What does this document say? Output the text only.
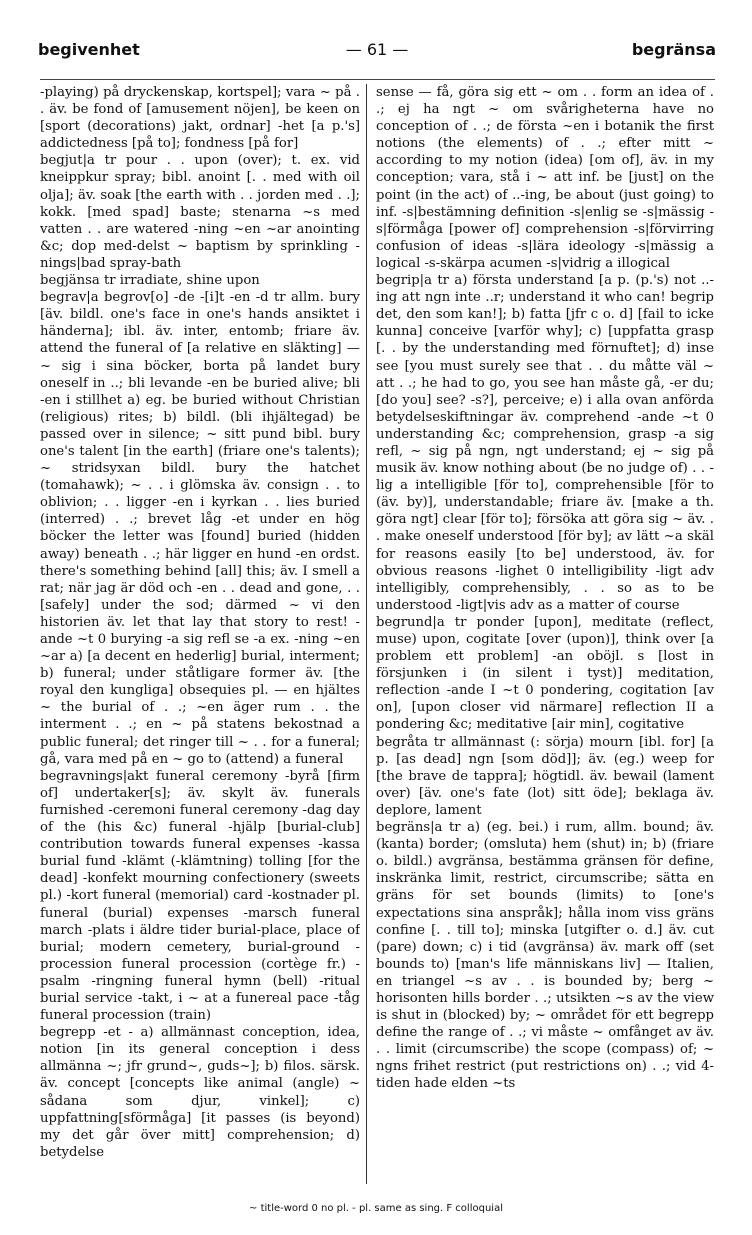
— 61 —
begivenhet	begränsa

-playing) på dryckenskap, kortspel]; vara ~ på . . äv. be fond of [amusement nöjen], be keen on [sport (decorations) jakt, ordnar] -het [a p.'s] addictedness [på to]; fondness [på for]

begjut|a tr pour . . upon (over); t. ex. vid kneippkur spray; bibl. anoint [. . med with oil olja]; äv. soak [the earth with . . jorden med . .]; kokk. [med spad] baste; stenarna ~s med vatten . . are watered -ning ~en ~ar anointing &c; dop med-delst ~ baptism by sprinkling -nings|bad spray-bath

begjänsa tr irradiate, shine upon

begrav|a begrov[o] -de -[i]t -en -d tr allm. bury [äv. bildl. one's face in one's hands ansiktet i händerna]; ibl. äv. inter, entomb; friare äv. attend the funeral of [a relative en släkting] — ~ sig i sina böcker, borta på landet bury oneself in ..; bli levande -en be buried alive; bli -en i stillhet a) eg. be buried without Christian (religious) rites; b) bildl. (bli ihjältegad) be passed over in silence; ~ sitt pund bibl. bury one's talent [in the earth] (friare one's talents); ~ stridsyxan bildl. bury the hatchet (tomahawk); ~ . . i glömska äv. consign . . to oblivion; . . ligger -en i kyrkan . . lies buried (interred) . .; brevet låg -et under en hög böcker the letter was [found] buried (hidden away) beneath . .; här ligger en hund -en ordst. there's something behind [all] this; äv. I smell a rat; när jag är död och -en . . dead and gone, . . [safely] under the sod; därmed ~ vi den historien äv. let that lay that story to rest! -ande ~t 0 burying -a sig refl se -a ex. -ning ~en ~ar a) [a decent en hederlig] burial, interment; b) funeral; under ståtligare former äv. [the royal den kungliga] obsequies pl. — en hjältes ~ the burial of . .; ~en äger rum . . the interment . .; en ~ på statens bekostnad a public funeral; det ringer till ~ . . for a funeral; gå, vara med på en ~ go to (attend) a funeral

begravnings|akt funeral ceremony -byrå [firm of] undertaker[s]; äv. skylt äv. funerals furnished -ceremoni funeral ceremony -dag day of the (his &c) funeral -hjälp [burial-club] contribution towards funeral expenses -kassa burial fund -klämt (-klämtning) tolling [for the dead] -konfekt mourning confectionery (sweets pl.) -kort funeral (memorial) card -kostnader pl. funeral (burial) expenses -marsch funeral march -plats i äldre tider burial-place, place of burial; modern cemetery, burial-ground -procession funeral procession (cortège fr.) -psalm -ringning funeral hymn (bell) -ritual burial service -takt, i ~ at a funereal pace -tåg funeral procession (train)

begrepp -et - a) allmännast conception, idea, notion [in its general conception i dess allmänna ~; jfr grund~, guds~]; b) filos. särsk. äv. concept [concepts like animal (angle) ~ sådana som djur, vinkel]; c) uppfattning[sförmåga] [it passes (is beyond) my det går över mitt] comprehension; d) betydelse

sense — få, göra sig ett ~ om . . form an idea of . .; ej ha ngt ~ om svårigheterna have no conception of . .; de första ~en i botanik the first notions (the elements) of . .; efter mitt ~ according to my notion (idea) [om of], äv. in my conception; vara, stå i ~ att inf. be [just] on the point (in the act) of ..-ing, be about (just going) to inf. -s|bestämning definition -s|enlig se -s|mässig -s|förmåga [power of] comprehension -s|förvirring confusion of ideas -s|lära ideology -s|mässig a logical -s-skärpa acumen -s|vidrig a illogical

begrip|a tr a) första understand [a p. (p.'s) not ..-ing att ngn inte ..r; understand it who can! begrip det, den som kan!]; b) fatta [jfr c o. d] [fail to icke kunna] conceive [varför why]; c) [uppfatta grasp [. . by the understanding med förnuftet]; d) inse see [you must surely see that . . du måtte väl ~ att . .; he had to go, you see han måste gå, -er du; [do you] see? -s?], perceive; e) i alla ovan anförda betydelseskiftningar äv. comprehend -ande ~t 0 understanding &c; comprehension, grasp -a sig refl, ~ sig på ngn, ngt understand; ej ~ sig på musik äv. know nothing about (be no judge of) . . -lig a intelligible [för to], comprehensible [för to (äv. by)], understandable; friare äv. [make a th. göra ngt] clear [för to]; försöka att göra sig ~ äv. . . make oneself understood [för by]; av lätt ~a skäl for reasons easily [to be] understood, äv. for obvious reasons -lighet 0 intelligibility -ligt adv intelligibly, comprehensibly, . . so as to be understood -ligt|vis adv as a matter of course

begrund|a tr ponder [upon], meditate (reflect, muse) upon, cogitate [over (upon)], think over [a problem ett problem] -an oböjl. s [lost in försjunken i (in silent i tyst)] meditation, reflection -ande I ~t 0 pondering, cogitation [av on], [upon closer vid närmare] reflection II a pondering &c; meditative [air min], cogitative

begråta tr allmännast (: sörja) mourn [ibl. for] [a p. [as dead] ngn [som död]]; äv. (eg.) weep for [the brave de tappra]; högtidl. äv. bewail (lament over) [äv. one's fate (lot) sitt öde]; beklaga äv. deplore, lament

begräns|a tr a) (eg. bei.) i rum, allm. bound; äv. (kanta) border; (omsluta) hem (shut) in; b) (friare o. bildl.) avgränsa, bestämma gränsen för define, inskränka limit, restrict, circumscribe; sätta en gräns för set bounds (limits) to [one's expectations sina anspråk]; hålla inom viss gräns confine [. . till to]; minska [utgifter o. d.] äv. cut (pare) down; c) i tid (avgränsa) äv. mark off (set bounds to) [man's life människans liv] — Italien, en triangel ~s av . . is bounded by; berg ~ horisonten hills border . .; utsikten ~s av the view is shut in (blocked) by; ~ området för ett begrepp define the range of . .; vi måste ~ omfånget av äv. . . limit (circumscribe) the scope (compass) of; ~ ngns frihet restrict (put restrictions on) . .; vid 4-tiden hade elden ~ts

~ title-word 0 no pl. - pl. same as sing. F colloquial
